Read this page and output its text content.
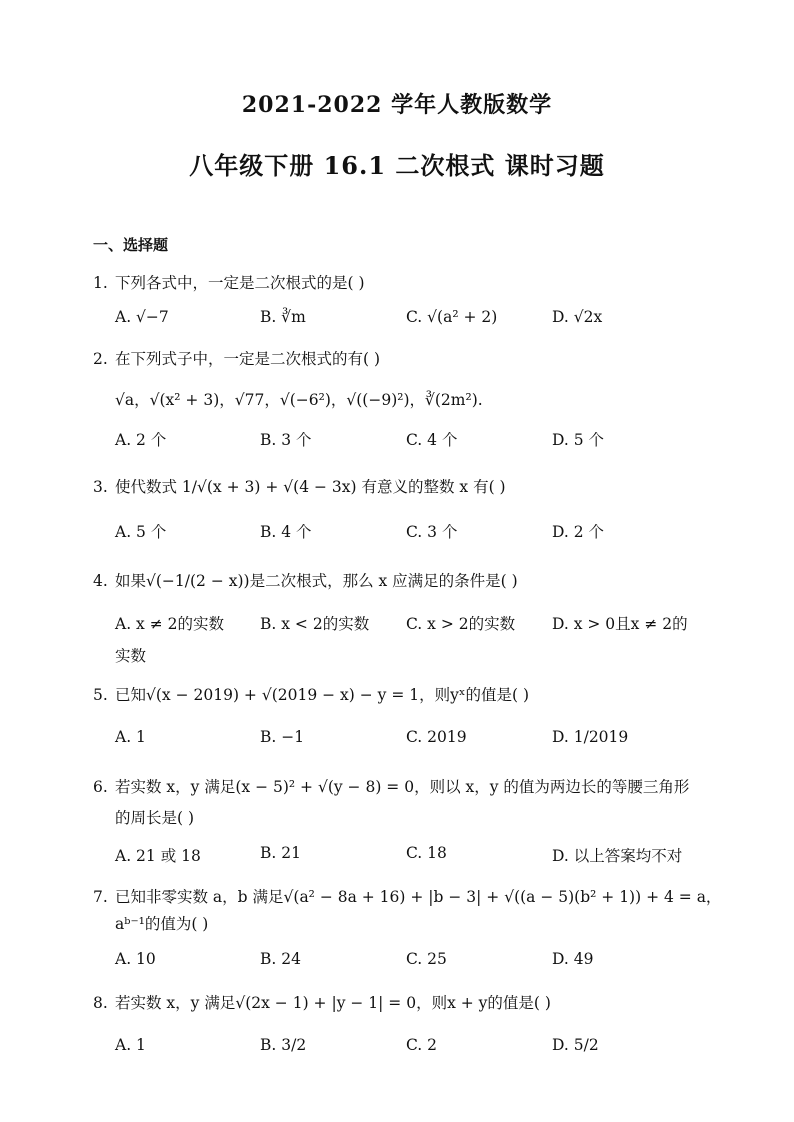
2021-2022 学年人教版数学
八年级下册 16.1 二次根式 课时习题
一、选择题
1. 下列各式中，一定是二次根式的是( )
A. √−7	B. ∛m	C. √(a² + 2)	D. √2x
2. 在下列式子中，一定是二次根式的有( )
√a，√(x² + 3)，√77，√(−6²)，√((−9)²)，∛(2m²).
A. 2 个	B. 3 个	C. 4 个	D. 5 个
3. 使代数式 1/√(x + 3) + √(4 − 3x) 有意义的整数 x 有( )
A. 5 个	B. 4 个	C. 3 个	D. 2 个
4. 如果√(−1/(2 − x))是二次根式，那么 x 应满足的条件是( )
A. x ≠ 2的实数 B. x < 2的实数 C. x > 2的实数 D. x > 0且x ≠ 2的
实数
5. 已知√(x − 2019) + √(2019 − x) − y = 1，则yˣ的值是( )
A. 1	B. −1	C. 2019	D. 1/2019
6. 若实数 x，y 满足(x − 5)² + √(y − 8) = 0，则以 x，y 的值为两边长的等腰三角形
的周长是( )
A. 21 或 18	B. 21	C. 18	D. 以上答案均不对
7. 已知非零实数 a，b 满足√(a² − 8a + 16) + |b − 3| + √((a − 5)(b² + 1)) + 4 = a，
aᵇ⁻¹的值为( )
A. 10	B. 24	C. 25	D. 49
8. 若实数 x，y 满足√(2x − 1) + |y − 1| = 0，则x + y的值是( )
A. 1	B. 3/2	C. 2	D. 5/2
